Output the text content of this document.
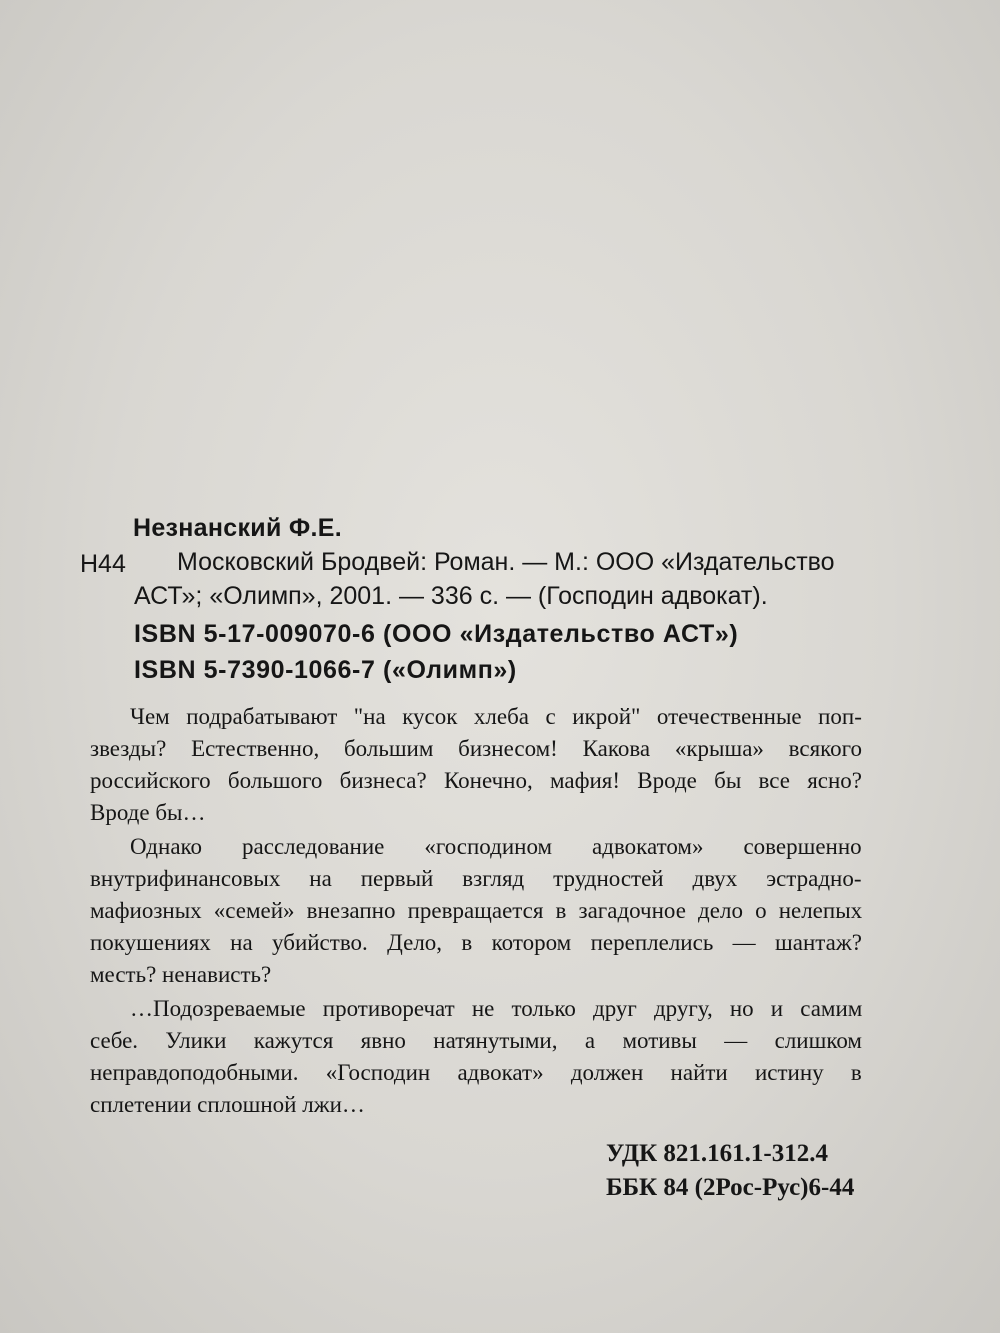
Незнанский Ф.Е.
Н44 Московский Бродвей: Роман. — М.: ООО «Издательство
АСТ»; «Олимп», 2001. — 336 с. — (Господин адвокат).
ISBN 5-17-009070-6 (ООО «Издательство АСТ»)
ISBN 5-7390-1066-7 («Олимп»)
Чем подрабатывают "на кусок хлеба с икрой" отечественные поп-
звезды? Естественно, большим бизнесом! Какова «крыша» всякого
российского большого бизнеса? Конечно, мафия! Вроде бы все ясно?
Вроде бы…
Однако расследование «господином адвокатом» совершенно
внутрифинансовых на первый взгляд трудностей двух эстрадно-
мафиозных «семей» внезапно превращается в загадочное дело о нелепых
покушениях на убийство. Дело, в котором переплелись — шантаж?
месть? ненависть?
…Подозреваемые противоречат не только друг другу, но и самим
себе. Улики кажутся явно натянутыми, а мотивы — слишком
неправдоподобными. «Господин адвокат» должен найти истину в
сплетении сплошной лжи…
УДК 821.161.1-312.4
ББК 84 (2Рос-Рус)6-44
